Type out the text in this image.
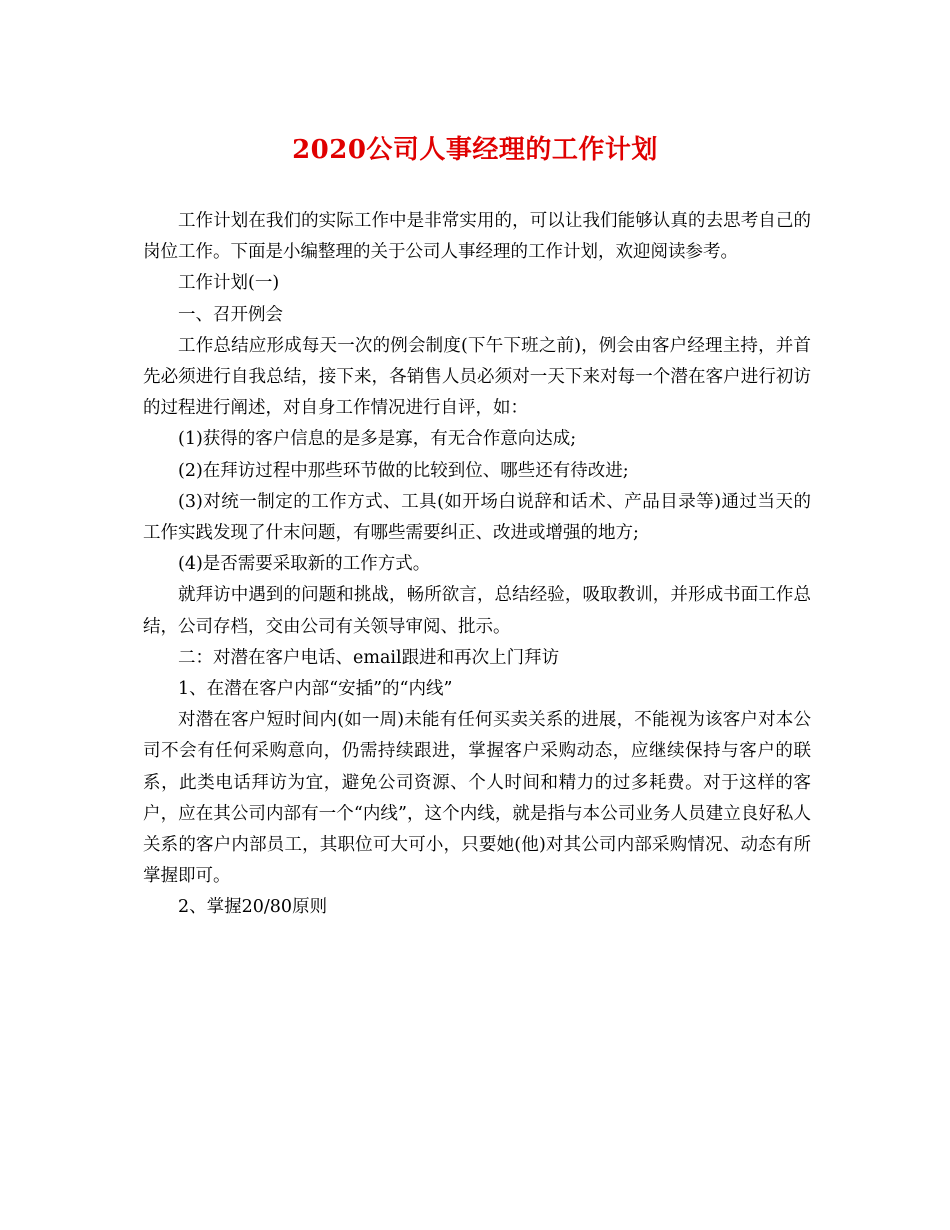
2020公司人事经理的工作计划

工作计划在我们的实际工作中是非常实用的，可以让我们能够认真的去思考自己的岗位工作。下面是小编整理的关于公司人事经理的工作计划，欢迎阅读参考。

工作计划(一)

一、召开例会

工作总结应形成每天一次的例会制度(下午下班之前)，例会由客户经理主持，并首先必须进行自我总结，接下来，各销售人员必须对一天下来对每一个潜在客户进行初访的过程进行阐述，对自身工作情况进行自评，如：

(1)获得的客户信息的是多是寡，有无合作意向达成;

(2)在拜访过程中那些环节做的比较到位、哪些还有待改进;

(3)对统一制定的工作方式、工具(如开场白说辞和话术、产品目录等)通过当天的工作实践发现了什末问题，有哪些需要纠正、改进或增强的地方;

(4)是否需要采取新的工作方式。

就拜访中遇到的问题和挑战，畅所欲言，总结经验，吸取教训，并形成书面工作总结，公司存档，交由公司有关领导审阅、批示。

二：对潜在客户电话、email跟进和再次上门拜访

1、在潜在客户内部“安插”的“内线”

对潜在客户短时间内(如一周)未能有任何买卖关系的进展，不能视为该客户对本公司不会有任何采购意向，仍需持续跟进，掌握客户采购动态，应继续保持与客户的联系，此类电话拜访为宜，避免公司资源、个人时间和精力的过多耗费。对于这样的客户，应在其公司内部有一个“内线”，这个内线，就是指与本公司业务人员建立良好私人关系的客户内部员工，其职位可大可小，只要她(他)对其公司内部采购情况、动态有所掌握即可。

2、掌握20/80原则
